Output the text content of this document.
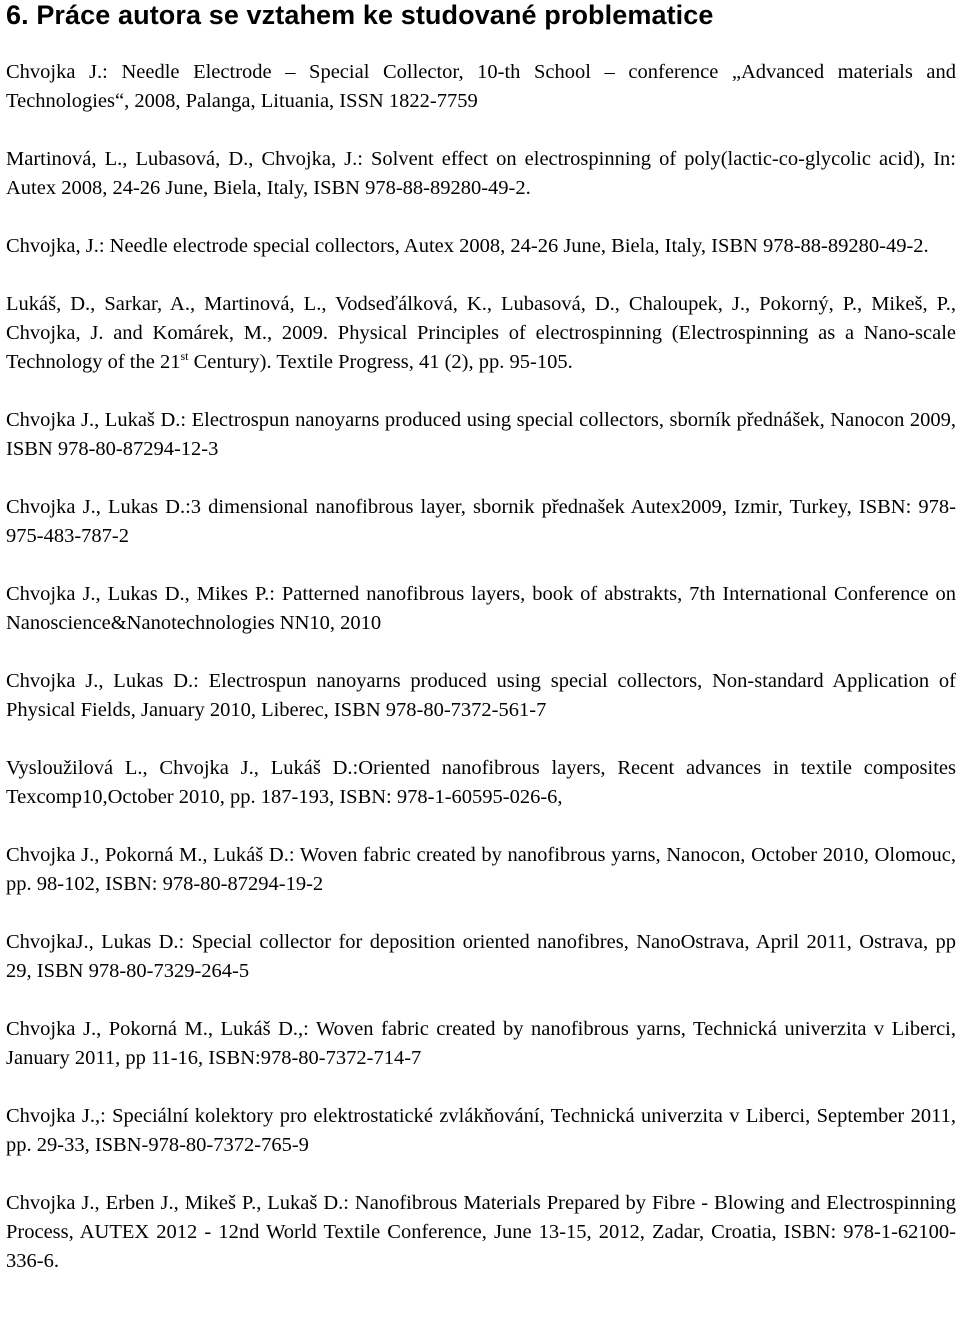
6. Práce autora se vztahem ke studované problematice

Chvojka J.: Needle Electrode – Special Collector, 10-th School – conference „Advanced materials and Technologies“, 2008, Palanga, Lituania, ISSN 1822-7759

Martinová, L., Lubasová, D., Chvojka, J.: Solvent effect on electrospinning of poly(lactic-co-glycolic acid), In: Autex 2008, 24-26 June, Biela, Italy, ISBN 978-88-89280-49-2.

Chvojka, J.: Needle electrode special collectors, Autex 2008, 24-26 June, Biela, Italy, ISBN 978-88-89280-49-2.

Lukáš, D., Sarkar, A., Martinová, L., Vodseďálková, K., Lubasová, D., Chaloupek, J., Pokorný, P., Mikeš, P., Chvojka, J. and Komárek, M., 2009. Physical Principles of electrospinning (Electrospinning as a Nano-scale Technology of the 21st Century). Textile Progress, 41 (2), pp. 95-105.

Chvojka J., Lukaš D.: Electrospun nanoyarns produced using special collectors, sborník přednášek, Nanocon 2009, ISBN 978-80-87294-12-3

Chvojka J., Lukas D.:3 dimensional nanofibrous layer, sbornik přednašek Autex2009, Izmir, Turkey, ISBN: 978-975-483-787-2

Chvojka J., Lukas D., Mikes P.: Patterned nanofibrous layers, book of abstrakts, 7th International Conference on Nanoscience&Nanotechnologies NN10, 2010

Chvojka J., Lukas D.: Electrospun nanoyarns produced using special collectors, Non-standard Application of Physical Fields, January 2010, Liberec, ISBN 978-80-7372-561-7

Vysloužilová L., Chvojka J., Lukáš D.:Oriented nanofibrous layers, Recent advances in textile composites Texcomp10,October 2010, pp. 187-193, ISBN: 978-1-60595-026-6,

Chvojka J., Pokorná M., Lukáš D.: Woven fabric created by nanofibrous yarns, Nanocon, October 2010, Olomouc, pp. 98-102, ISBN: 978-80-87294-19-2

ChvojkaJ., Lukas D.: Special collector for deposition oriented nanofibres, NanoOstrava, April 2011, Ostrava, pp 29, ISBN 978-80-7329-264-5

Chvojka J., Pokorná M., Lukáš D.,: Woven fabric created by nanofibrous yarns, Technická univerzita v Liberci, January 2011, pp 11-16, ISBN:978-80-7372-714-7

Chvojka J.,: Speciální kolektory pro elektrostatické zvlákňování, Technická univerzita v Liberci, September 2011, pp. 29-33, ISBN-978-80-7372-765-9

Chvojka J., Erben J., Mikeš P., Lukaš D.: Nanofibrous Materials Prepared by Fibre - Blowing and Electrospinning Process, AUTEX 2012 - 12nd World Textile Conference, June 13-15, 2012, Zadar, Croatia, ISBN: 978-1-62100-336-6.
